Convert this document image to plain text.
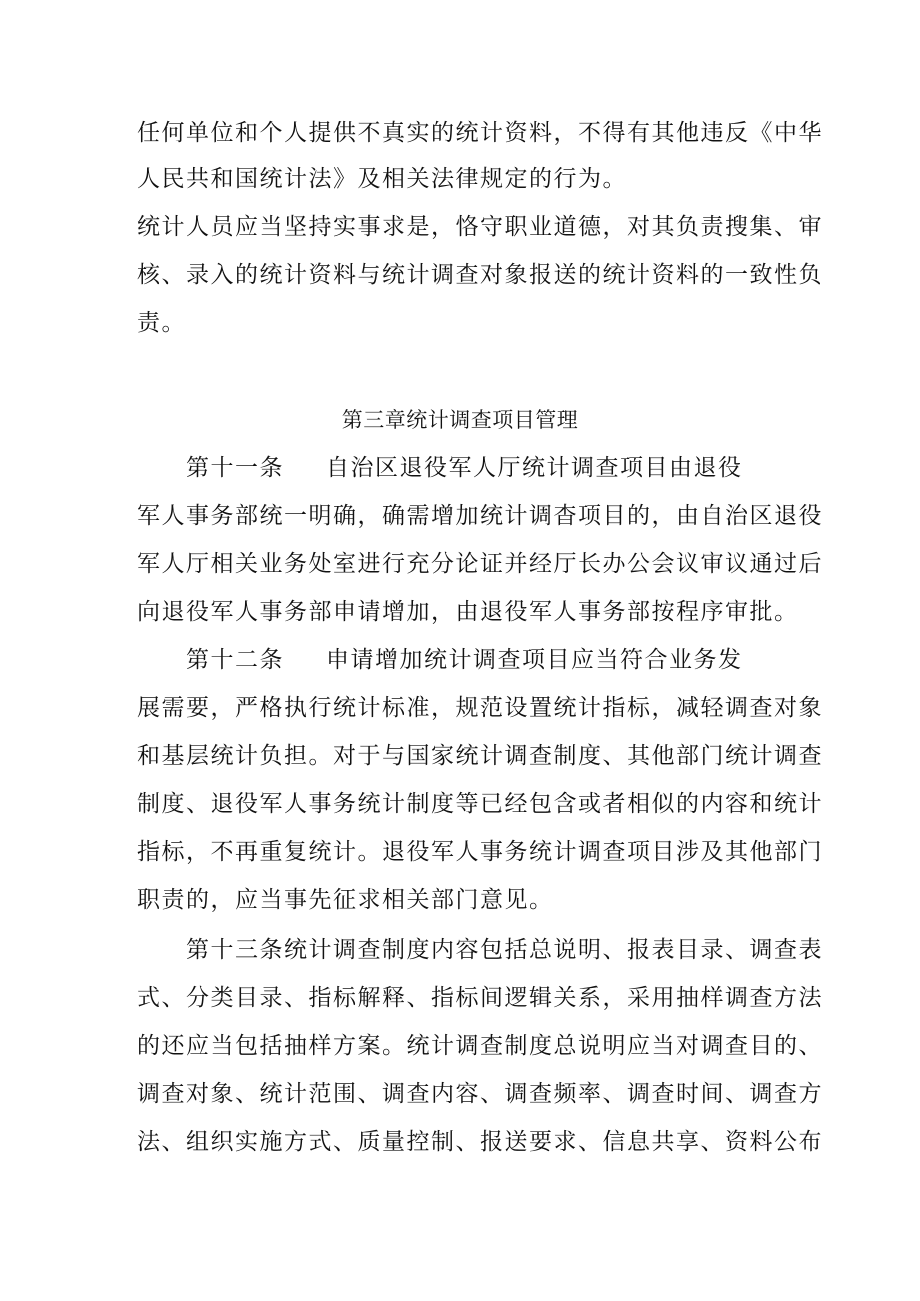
任何单位和个人提供不真实的统计资料，不得有其他违反《中华
人民共和国统计法》及相关法律规定的行为。
统计人员应当坚持实事求是，恪守职业道德，对其负责搜集、审
核、录入的统计资料与统计调查对象报送的统计资料的一致性负
责。
第三章统计调查项目管理
第十一条 自治区退役军人厅统计调查项目由退役
军人事务部统一明确，确需增加统计调杳项目的，由自治区退役
军人厅相关业务处室进行充分论证并经厅长办公会议审议通过后
向退役军人事务部申请增加，由退役军人事务部按程序审批。
第十二条 申请增加统计调查项目应当符合业务发
展需要，严格执行统计标准，规范设置统计指标，减轻调查对象
和基层统计负担。对于与国家统计调查制度、其他部门统计调查
制度、退役军人事务统计制度等已经包含或者相似的内容和统计
指标，不再重复统计。退役军人事务统计调查项目涉及其他部门
职责的，应当事先征求相关部门意见。
第十三条统计调查制度内容包括总说明、报表目录、调查表
式、分类目录、指标解释、指标间逻辑关系，采用抽样调查方法
的还应当包括抽样方案。统计调查制度总说明应当对调查目的、
调查对象、统计范围、调查内容、调查频率、调查时间、调查方
法、组织实施方式、质量控制、报送要求、信息共享、资料公布
